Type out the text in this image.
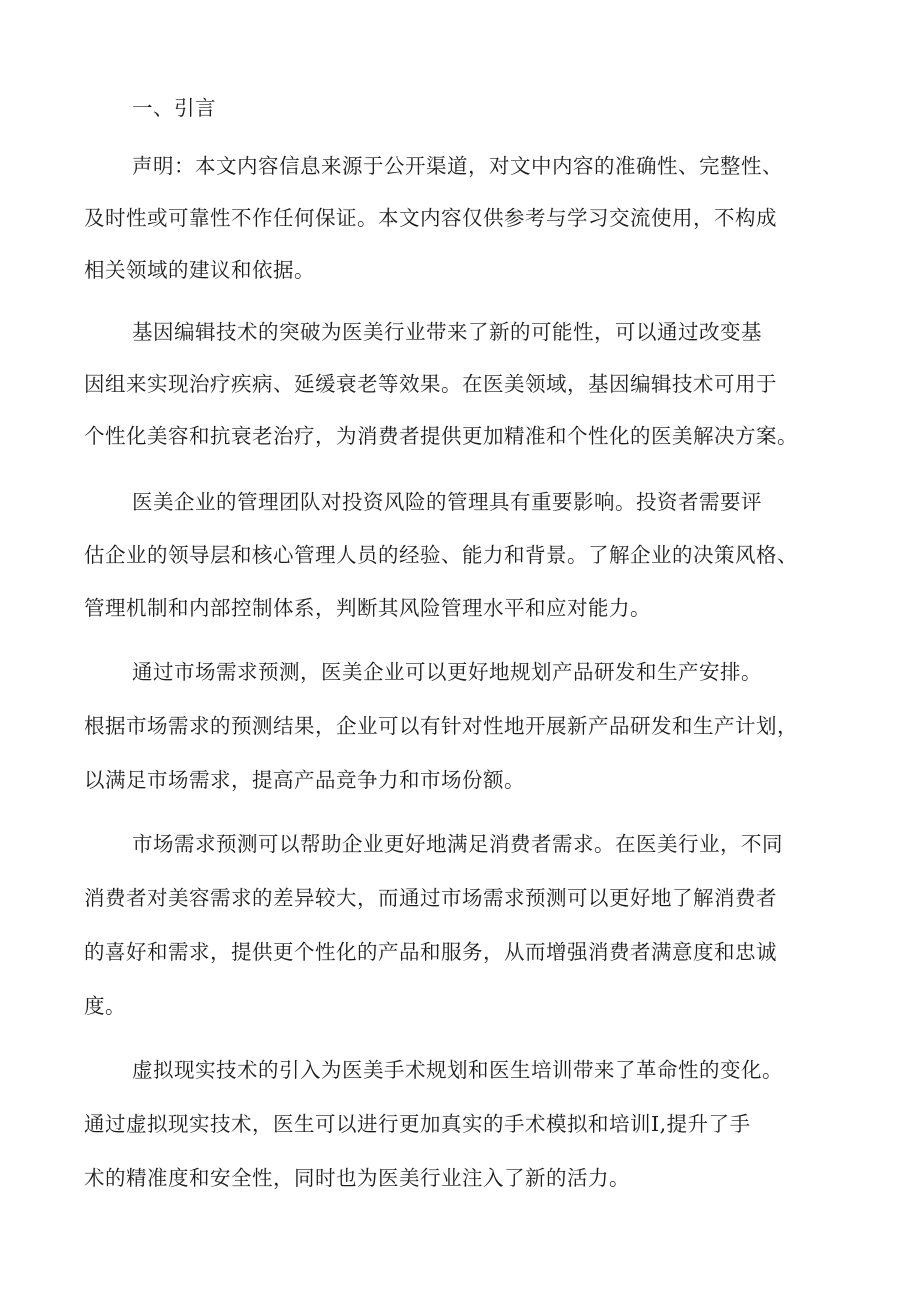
一、引言
声明：本文内容信息来源于公开渠道，对文中内容的准确性、完整性、
及时性或可靠性不作任何保证。本文内容仅供参考与学习交流使用，不构成
相关领域的建议和依据。
基因编辑技术的突破为医美行业带来了新的可能性，可以通过改变基
因组来实现治疗疾病、延缓衰老等效果。在医美领域，基因编辑技术可用于
个性化美容和抗衰老治疗，为消费者提供更加精准和个性化的医美解决方案。
医美企业的管理团队对投资风险的管理具有重要影响。投资者需要评
估企业的领导层和核心管理人员的经验、能力和背景。了解企业的决策风格、
管理机制和内部控制体系，判断其风险管理水平和应对能力。
通过市场需求预测，医美企业可以更好地规划产品研发和生产安排。
根据市场需求的预测结果，企业可以有针对性地开展新产品研发和生产计划，
以满足市场需求，提高产品竞争力和市场份额。
市场需求预测可以帮助企业更好地满足消费者需求。在医美行业，不同
消费者对美容需求的差异较大，而通过市场需求预测可以更好地了解消费者
的喜好和需求，提供更个性化的产品和服务，从而增强消费者满意度和忠诚
度。
虚拟现实技术的引入为医美手术规划和医生培训带来了革命性的变化。
通过虚拟现实技术，医生可以进行更加真实的手术模拟和培训I,提升了手
术的精准度和安全性，同时也为医美行业注入了新的活力。
